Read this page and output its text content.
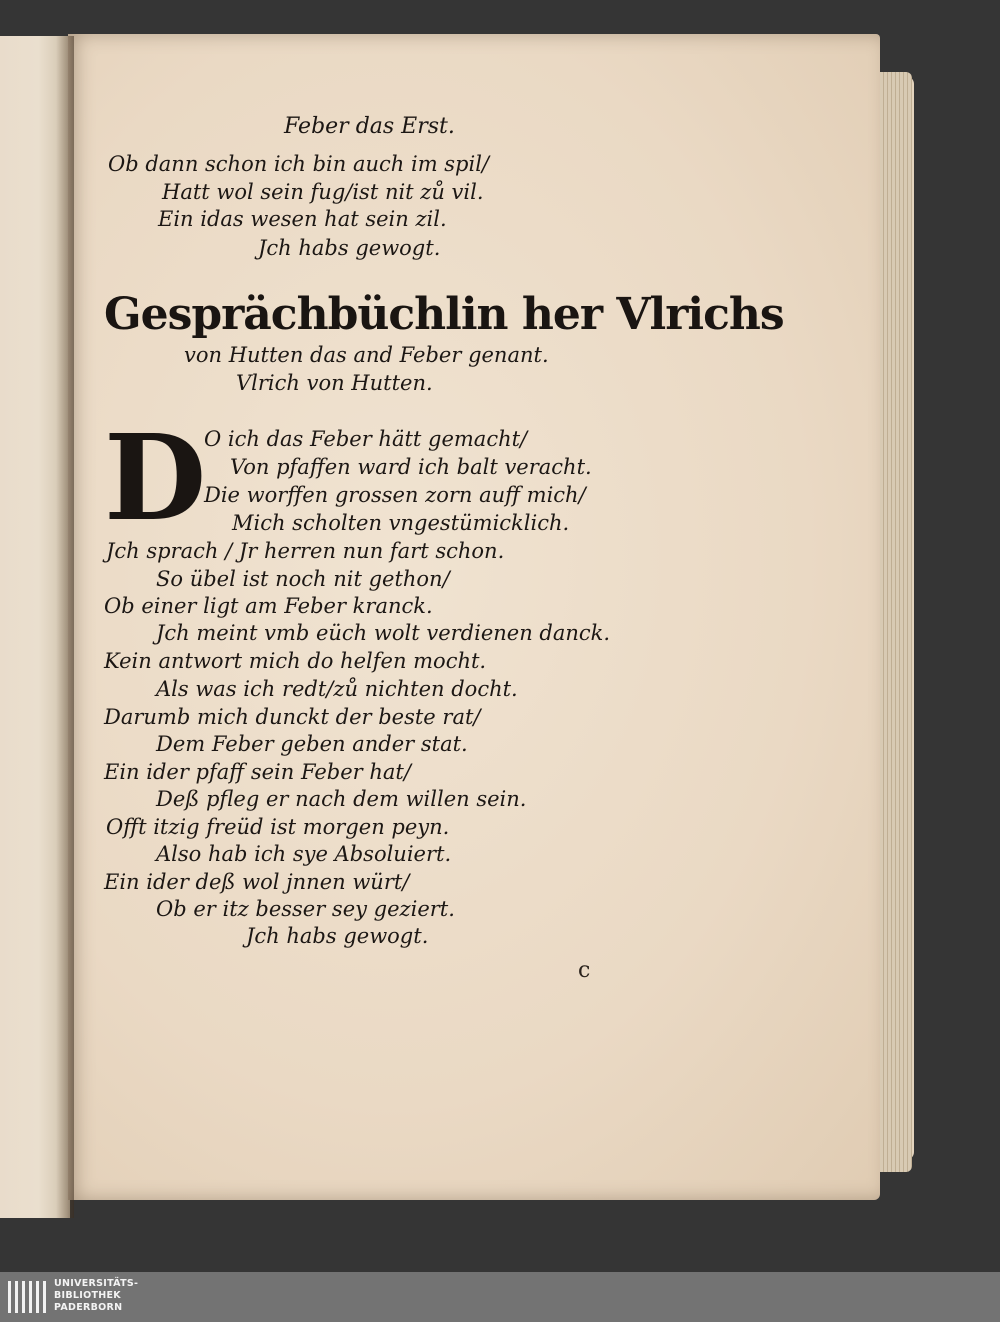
Feber das Erst.
Ob dann schon ich bin auch im spil/
Hatt wol sein fug/ist nit zů vil.
Ein idas wesen hat sein zil.
Jch habs gewogt.
Gesprächbüchlin her Vlrichs
von Hutten das and Feber genant.
Vlrich von Hutten.
D
O ich das Feber hätt gemacht/
Von pfaffen ward ich balt veracht.
Die worffen grossen zorn auff mich/
Mich scholten vngestümicklich.
Jch sprach / Jr herren nun fart schon.
So übel ist noch nit gethon/
Ob einer ligt am Feber kranck.
Jch meint vmb eüch wolt verdienen danck.
Kein antwort mich do helfen mocht.
Als was ich redt/zů nichten docht.
Darumb mich dunckt der beste rat/
Dem Feber geben ander stat.
Ein ider pfaff sein Feber hat/
Deß pfleg er nach dem willen sein.
Offt itzig freüd ist morgen peyn.
Also hab ich sye Absoluiert.
Ein ider deß wol jnnen würt/
Ob er itz besser sey geziert.
Jch habs gewogt.
c
UNIVERSITÄTS-
BIBLIOTHEK
PADERBORN
